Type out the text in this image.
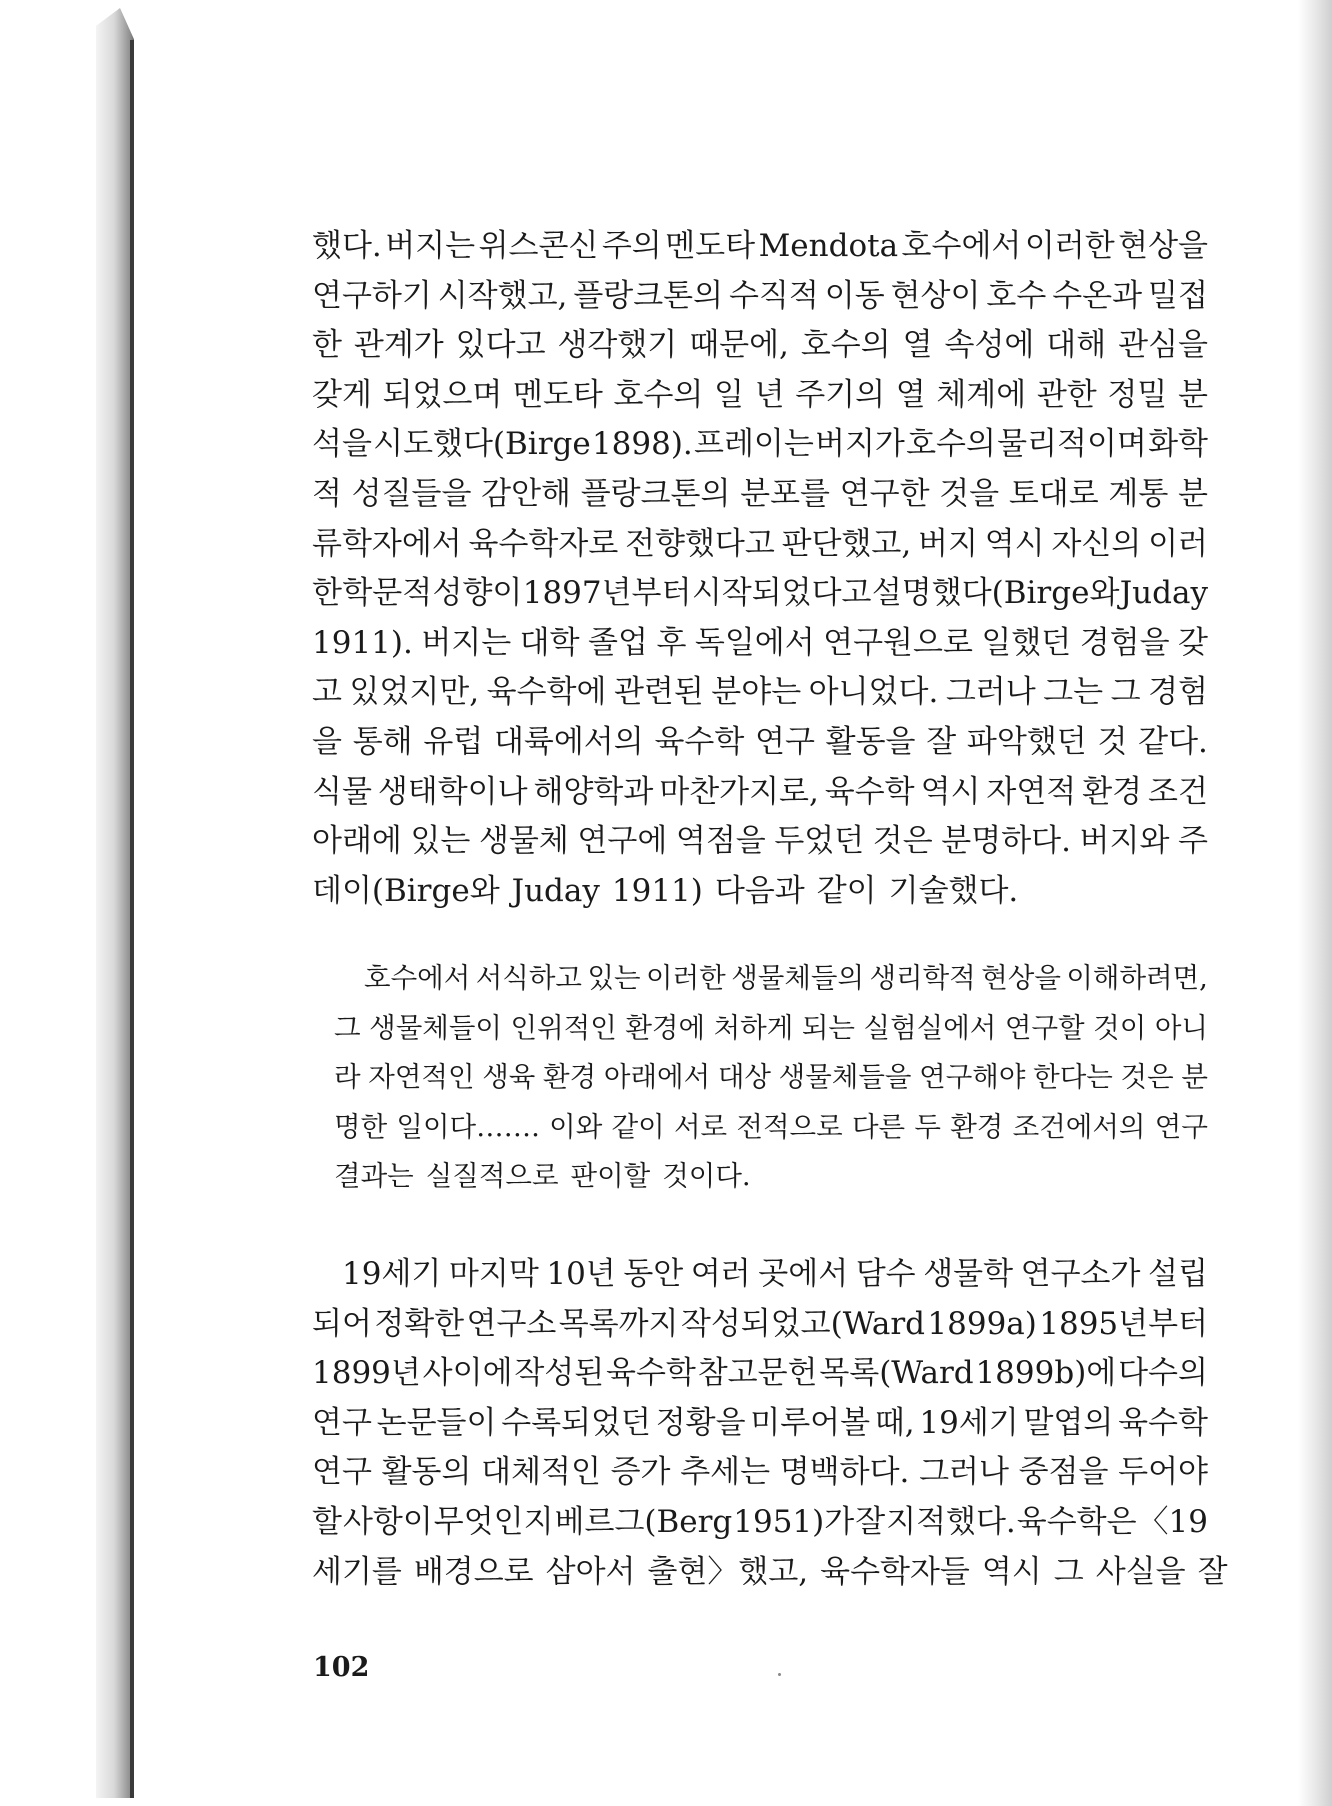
했다. 버지는 위스콘신 주의 멘도타 Mendota 호수에서 이러한 현상을
연구하기 시작했고, 플랑크톤의 수직적 이동 현상이 호수 수온과 밀접
한 관계가 있다고 생각했기 때문에, 호수의 열 속성에 대해 관심을
갖게 되었으며 멘도타 호수의 일 년 주기의 열 체계에 관한 정밀 분
석을 시도했다(Birge 1898). 프레이는 버지가 호수의 물리적이며 화학
적 성질들을 감안해 플랑크톤의 분포를 연구한 것을 토대로 계통 분
류학자에서 육수학자로 전향했다고 판단했고, 버지 역시 자신의 이러
한 학문적 성향이 1897년부터 시작되었다고 설명했다(Birge와 Juday
1911). 버지는 대학 졸업 후 독일에서 연구원으로 일했던 경험을 갖
고 있었지만, 육수학에 관련된 분야는 아니었다. 그러나 그는 그 경험
을 통해 유럽 대륙에서의 육수학 연구 활동을 잘 파악했던 것 같다.
식물 생태학이나 해양학과 마찬가지로, 육수학 역시 자연적 환경 조건
아래에 있는 생물체 연구에 역점을 두었던 것은 분명하다. 버지와 주
데이(Birge와 Juday 1911) 다음과 같이 기술했다.
호수에서 서식하고 있는 이러한 생물체들의 생리학적 현상을 이해하려면,
그 생물체들이 인위적인 환경에 처하게 되는 실험실에서 연구할 것이 아니
라 자연적인 생육 환경 아래에서 대상 생물체들을 연구해야 한다는 것은 분
명한 일이다……. 이와 같이 서로 전적으로 다른 두 환경 조건에서의 연구
결과는 실질적으로 판이할 것이다.
19세기 마지막 10년 동안 여러 곳에서 담수 생물학 연구소가 설립
되어 정확한 연구소 목록까지 작성되었고(Ward 1899a) 1895년부터
1899년 사이에 작성된 육수학 참고문헌 목록(Ward 1899b)에 다수의
연구 논문들이 수록되었던 정황을 미루어볼 때, 19세기 말엽의 육수학
연구 활동의 대체적인 증가 추세는 명백하다. 그러나 중점을 두어야
할 사항이 무엇인지 베르그(Berg 1951)가 잘 지적했다. 육수학은 〈19
세기를 배경으로 삼아서 출현〉했고, 육수학자들 역시 그 사실을 잘
102
